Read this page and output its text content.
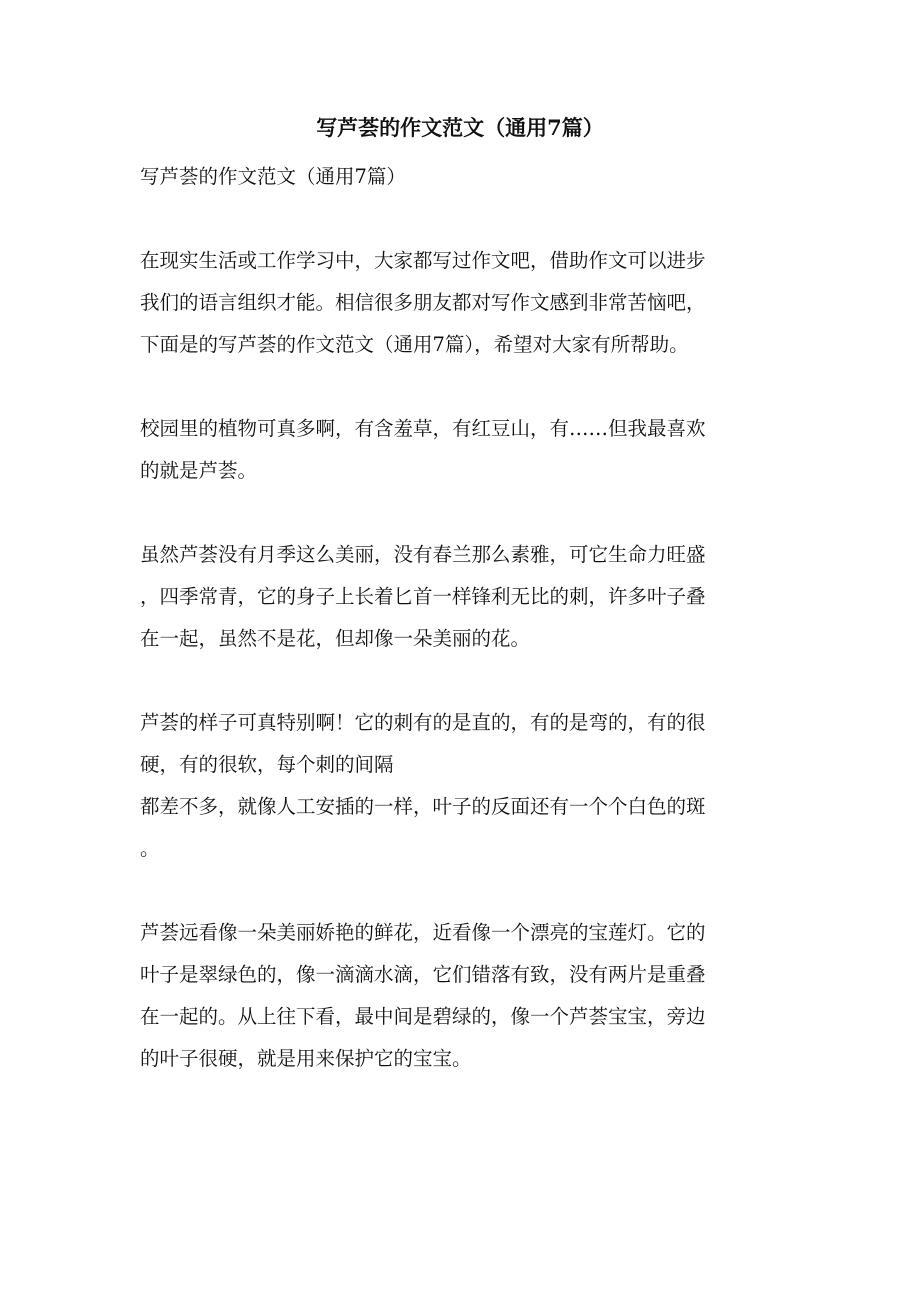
写芦荟的作文范文（通用7篇）
写芦荟的作文范文（通用7篇）
在现实生活或工作学习中，大家都写过作文吧，借助作文可以进步
我们的语言组织才能。相信很多朋友都对写作文感到非常苦恼吧，
下面是的写芦荟的作文范文（通用7篇），希望对大家有所帮助。
校园里的植物可真多啊，有含羞草，有红豆山，有……但我最喜欢
的就是芦荟。
虽然芦荟没有月季这么美丽，没有春兰那么素雅，可它生命力旺盛
，四季常青，它的身子上长着匕首一样锋利无比的刺，许多叶子叠
在一起，虽然不是花，但却像一朵美丽的花。
芦荟的样子可真特别啊！它的刺有的是直的，有的是弯的，有的很
硬，有的很软，每个刺的间隔
都差不多，就像人工安插的一样，叶子的反面还有一个个白色的斑
。
芦荟远看像一朵美丽娇艳的鲜花，近看像一个漂亮的宝莲灯。它的
叶子是翠绿色的，像一滴滴水滴，它们错落有致，没有两片是重叠
在一起的。从上往下看，最中间是碧绿的，像一个芦荟宝宝，旁边
的叶子很硬，就是用来保护它的宝宝。
